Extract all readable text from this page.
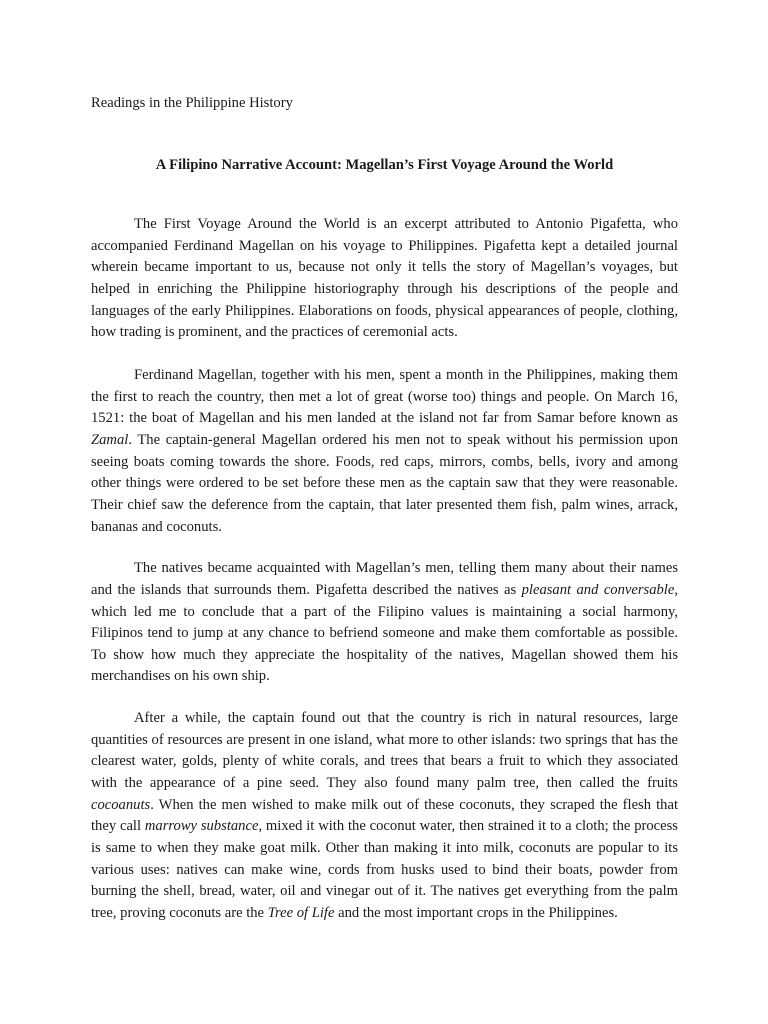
Readings in the Philippine History
A Filipino Narrative Account: Magellan’s First Voyage Around the World

The First Voyage Around the World is an excerpt attributed to Antonio Pigafetta, who accompanied Ferdinand Magellan on his voyage to Philippines. Pigafetta kept a detailed journal wherein became important to us, because not only it tells the story of Magellan’s voyages, but helped in enriching the Philippine historiography through his descriptions of the people and languages of the early Philippines. Elaborations on foods, physical appearances of people, clothing, how trading is prominent, and the practices of ceremonial acts.

Ferdinand Magellan, together with his men, spent a month in the Philippines, making them the first to reach the country, then met a lot of great (worse too) things and people. On March 16, 1521: the boat of Magellan and his men landed at the island not far from Samar before known as Zamal. The captain-general Magellan ordered his men not to speak without his permission upon seeing boats coming towards the shore. Foods, red caps, mirrors, combs, bells, ivory and among other things were ordered to be set before these men as the captain saw that they were reasonable. Their chief saw the deference from the captain, that later presented them fish, palm wines, arrack, bananas and coconuts.

The natives became acquainted with Magellan’s men, telling them many about their names and the islands that surrounds them. Pigafetta described the natives as pleasant and conversable, which led me to conclude that a part of the Filipino values is maintaining a social harmony, Filipinos tend to jump at any chance to befriend someone and make them comfortable as possible. To show how much they appreciate the hospitality of the natives, Magellan showed them his merchandises on his own ship.

After a while, the captain found out that the country is rich in natural resources, large quantities of resources are present in one island, what more to other islands: two springs that has the clearest water, golds, plenty of white corals, and trees that bears a fruit to which they associated with the appearance of a pine seed. They also found many palm tree, then called the fruits cocoanuts. When the men wished to make milk out of these coconuts, they scraped the flesh that they call marrowy substance, mixed it with the coconut water, then strained it to a cloth; the process is same to when they make goat milk. Other than making it into milk, coconuts are popular to its various uses: natives can make wine, cords from husks used to bind their boats, powder from burning the shell, bread, water, oil and vinegar out of it. The natives get everything from the palm tree, proving coconuts are the Tree of Life and the most important crops in the Philippines.
